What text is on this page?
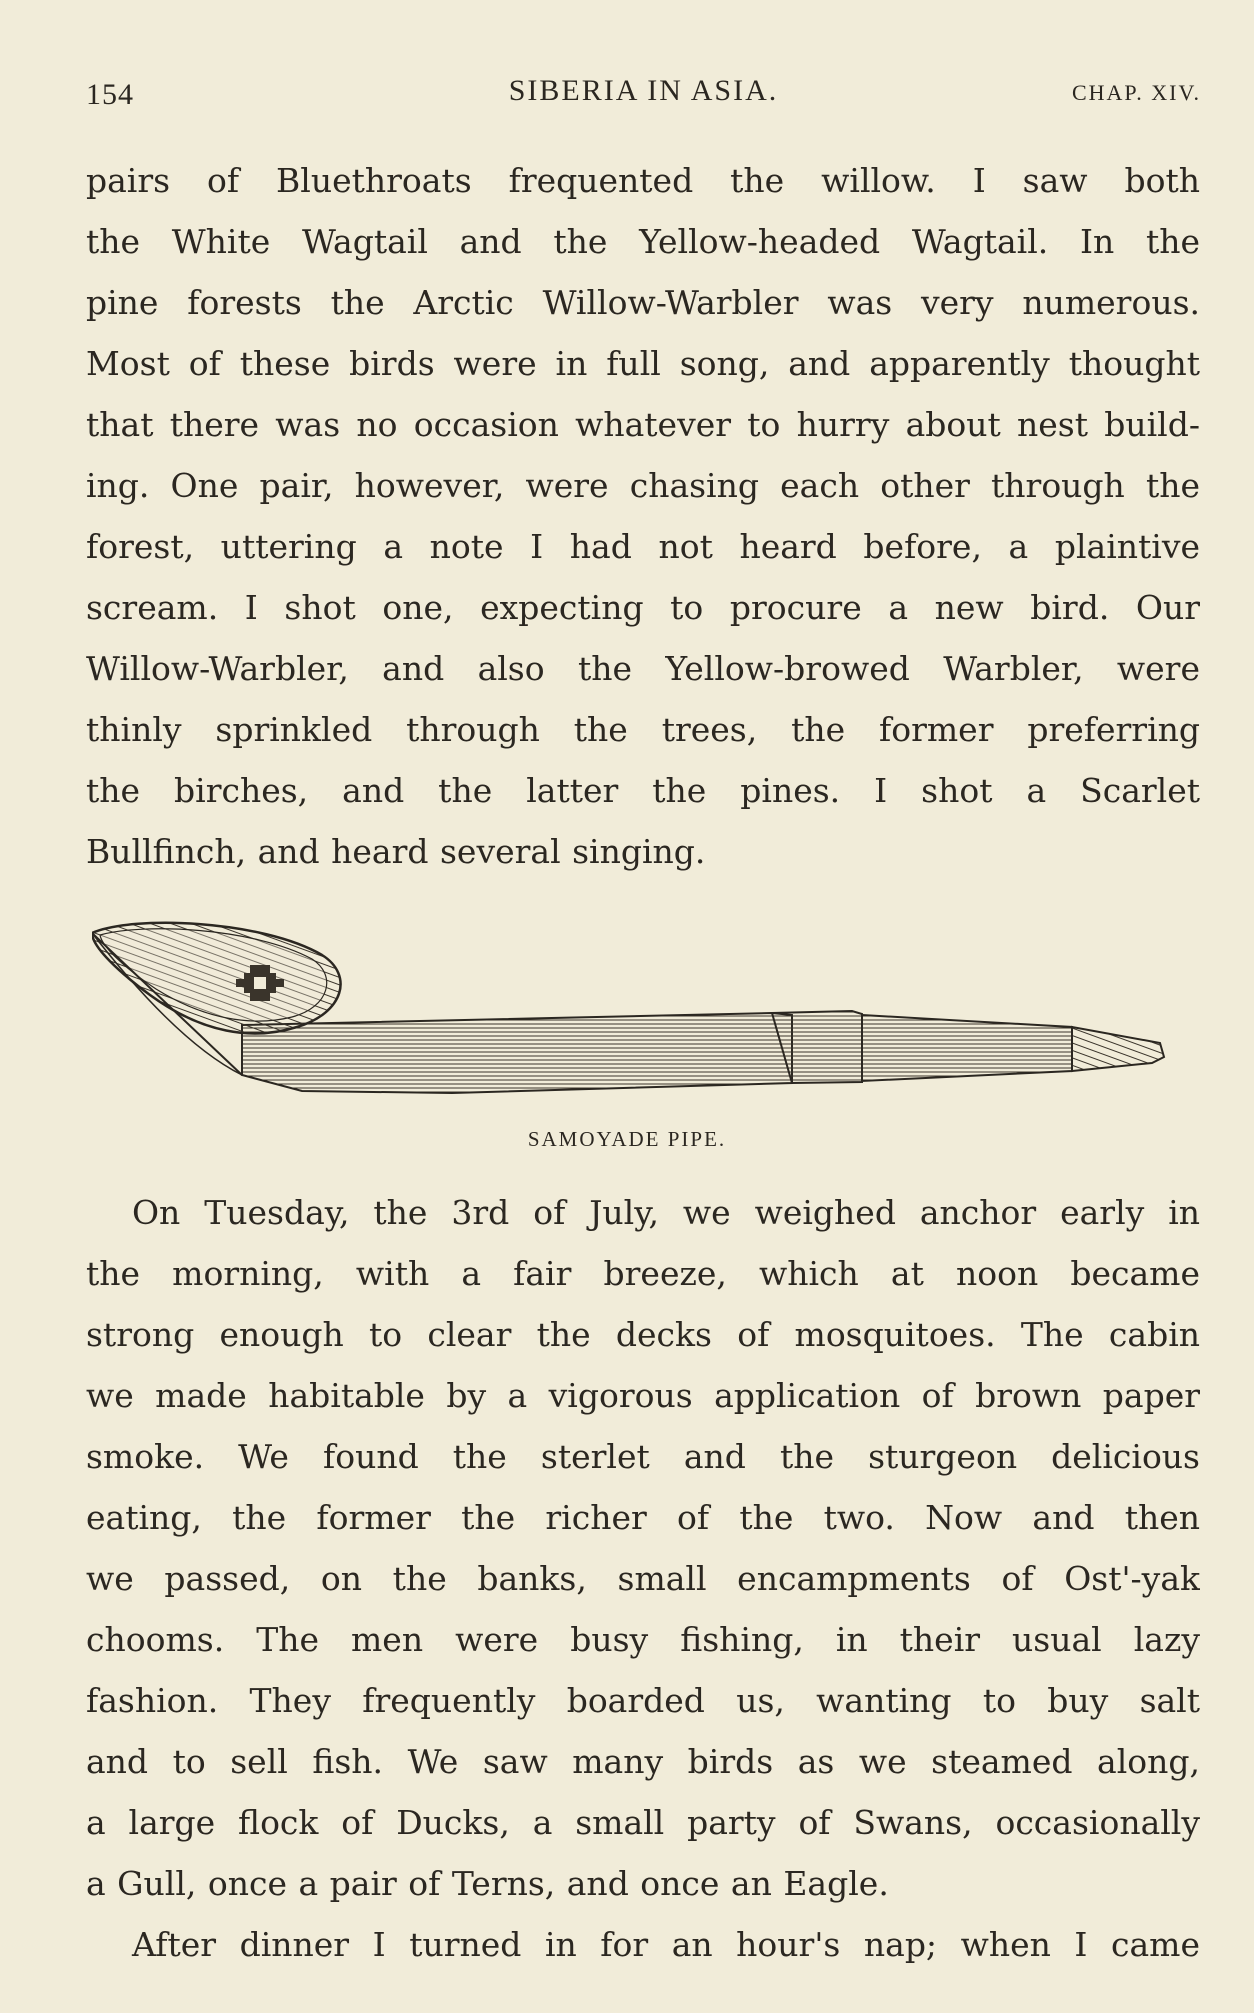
154	SIBERIA IN ASIA.	CHAP. XIV.

pairs of Bluethroats frequented the willow. I saw both
the White Wagtail and the Yellow-headed Wagtail. In the
pine forests the Arctic Willow-Warbler was very numerous.
Most of these birds were in full song, and apparently thought
that there was no occasion whatever to hurry about nest build-
ing. One pair, however, were chasing each other through the
forest, uttering a note I had not heard before, a plaintive
scream. I shot one, expecting to procure a new bird. Our
Willow-Warbler, and also the Yellow-browed Warbler, were
thinly sprinkled through the trees, the former preferring
the birches, and the latter the pines. I shot a Scarlet
Bullfinch, and heard several singing.

SAMOYADE PIPE.

On Tuesday, the 3rd of July, we weighed anchor early in
the morning, with a fair breeze, which at noon became
strong enough to clear the decks of mosquitoes. The cabin
we made habitable by a vigorous application of brown paper
smoke. We found the sterlet and the sturgeon delicious
eating, the former the richer of the two. Now and then
we passed, on the banks, small encampments of Ost'-yak
chooms. The men were busy fishing, in their usual lazy
fashion. They frequently boarded us, wanting to buy salt
and to sell fish. We saw many birds as we steamed along,
a large flock of Ducks, a small party of Swans, occasionally
a Gull, once a pair of Terns, and once an Eagle.

After dinner I turned in for an hour's nap; when I came
